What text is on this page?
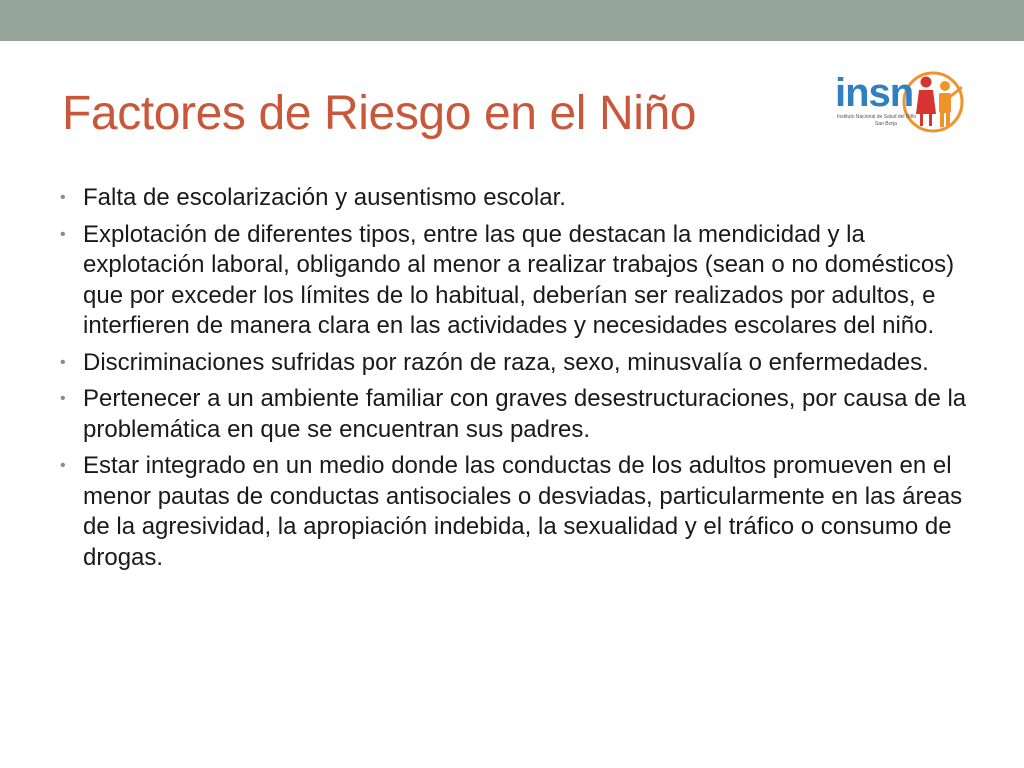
Factores de Riesgo en el Niño	insn
Instituto Nacional de Salud del Niño
San Borja
• Falta de escolarización y ausentismo escolar.
• Explotación de diferentes tipos, entre las que destacan la mendicidad y la explotación laboral, obligando al menor a realizar trabajos (sean o no domésticos) que por exceder los límites de lo habitual, deberían ser realizados por adultos, e interfieren de manera clara en las actividades y necesidades escolares del niño.
• Discriminaciones sufridas por razón de raza, sexo, minusvalía o enfermedades.
• Pertenecer a un ambiente familiar con graves desestructuraciones, por causa de la problemática en que se encuentran sus padres.
• Estar integrado en un medio donde las conductas de los adultos promueven en el menor pautas de conductas antisociales o desviadas, particularmente en las áreas de la agresividad, la apropiación indebida, la sexualidad y el tráfico o consumo de drogas.
